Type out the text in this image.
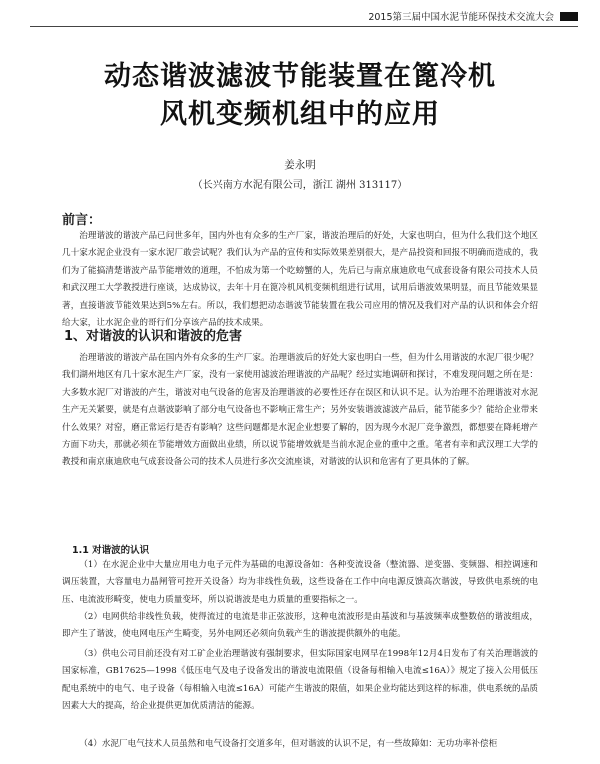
2015第三届中国水泥节能环保技术交流大会
动态谐波滤波节能装置在篦冷机
风机变频机组中的应用
姜永明
（长兴南方水泥有限公司，浙江 湖州 313117）
前言：
治理谐波的谐波产品已问世多年，国内外也有众多的生产厂家，谐波治理后的好处，大家也明白，但为什么我们这个地区几十家水泥企业没有一家水泥厂敢尝试呢？我们认为产品的宣传和实际效果差别很大，是产品投资和回报不明确而造成的，我们为了能搞清楚谐波产品节能增效的道理，不怕成为第一个吃螃蟹的人，先后已与南京康迪欣电气成套设备有限公司技术人员和武汉理工大学教授进行座谈，达成协议，去年十月在篦冷机风机变频机组进行试用，试用后谐波效果明显，而且节能效果显著，直接谐波节能效果达到5%左右。所以，我们想把动态谐波节能装置在我公司应用的情况及我们对产品的认识和体会介绍给大家，让水泥企业的哥行们分享该产品的技术成果。
1、对谐波的认识和谐波的危害
治理谐波的谐波产品在国内外有众多的生产厂家。治理谐波后的好处大家也明白一些，但为什么用谐波的水泥厂很少呢？我们湖州地区有几十家水泥生产厂家，没有一家使用滤波治理谐波的产品呢？经过实地调研和探讨，不难发现问题之所在是：大多数水泥厂对谐波的产生，谐波对电气设备的危害及治理谐波的必要性还存在误区和认识不足。认为治理不治理谐波对水泥生产无关紧要，就是有点谐波影响了部分电气设备也不影响正常生产；另外安装谐波滤波产品后，能节能多少？能给企业带来什么效果？对窑，磨正常运行是否有影响？这些问题都是水泥企业想要了解的，因为现今水泥厂竞争激烈，都想要在降耗增产方面下功夫，那就必须在节能增效方面做出业绩，所以说节能增效就是当前水泥企业的重中之重。笔者有幸和武汉理工大学的教授和南京康迪欣电气成套设备公司的技术人员进行多次交流座谈，对谐波的认识和危害有了更具体的了解。
1.1 对谐波的认识
（1）在水泥企业中大量应用电力电子元件为基础的电源设备如：各种变流设备（整流器、逆变器、变频器、相控调速和调压装置，大容量电力晶闸管可控开关设备）均为非线性负载，这些设备在工作中向电源反馈高次谐波，导致供电系统的电压、电流波形畸变，使电力质量变坏，所以说谐波是电力质量的重要指标之一。
（2）电网供给非线性负载，使得流过的电流是非正弦波形，这种电流波形是由基波和与基波频率成整数倍的谐波组成，即产生了谐波，使电网电压产生畸变，另外电网还必须向负载产生的谐波提供额外的电能。
（3）供电公司目前还没有对工矿企业治理谐波有强制要求，但实际国家电网早在1998年12月4日发布了有关治理谐波的国家标准，GB17625—1998《低压电气及电子设备发出的谐波电流限值（设备每相输入电流≤16A）》规定了接入公用低压配电系统中的电气、电子设备（每相输入电流≤16A）可能产生谐波的限值，如果企业均能达到这样的标准，供电系统的品质因素大大的提高，给企业提供更加优质清洁的能源。
（4）水泥厂电气技术人员虽然和电气设备打交道多年，但对谐波的认识不足，有一些故障如：无功功率补偿柜
